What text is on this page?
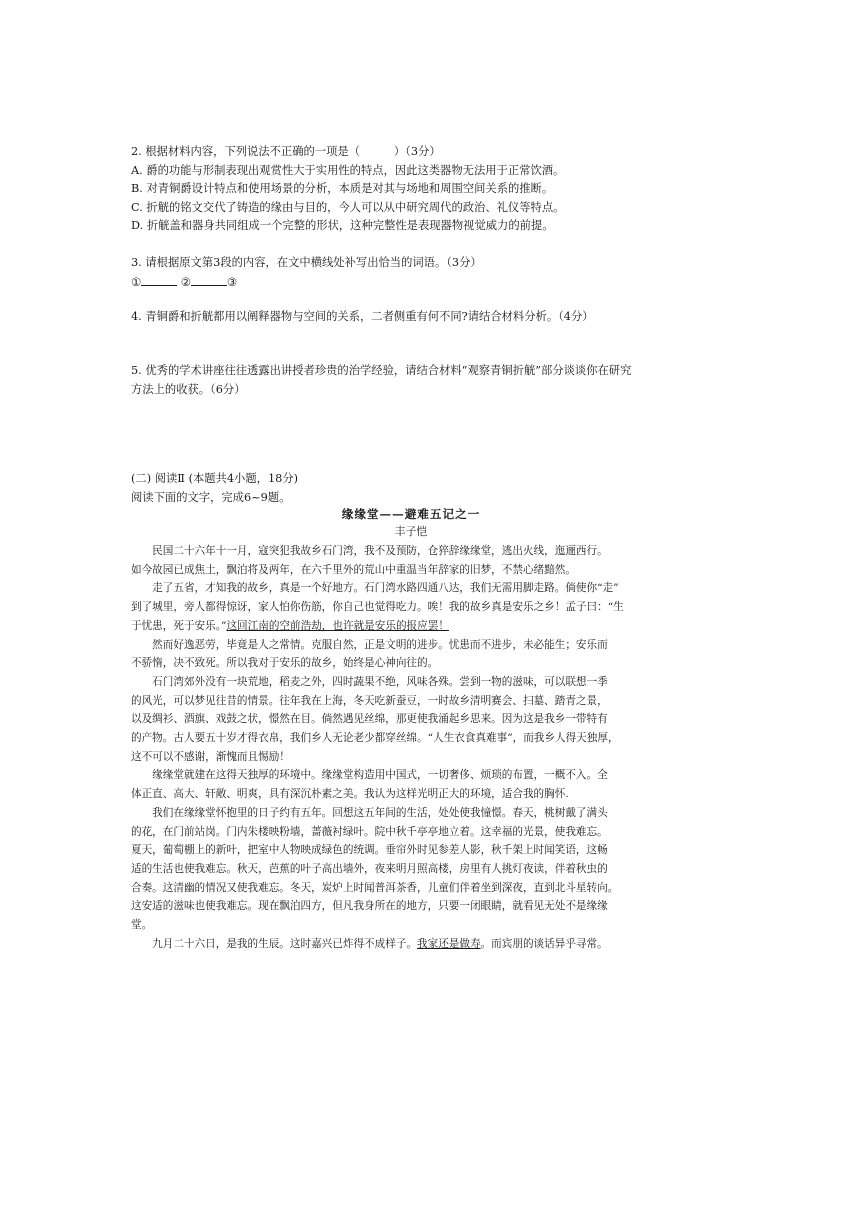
2. 根据材料内容，下列说法不正确的一项是（　　　）（3分）
A. 爵的功能与形制表现出观赏性大于实用性的特点，因此这类器物无法用于正常饮酒。
B. 对青铜爵设计特点和使用场景的分析，本质是对其与场地和周围空间关系的推断。
C. 折觥的铭文交代了铸造的缘由与目的，今人可以从中研究周代的政治、礼仪等特点。
D. 折觥盖和器身共同组成一个完整的形状，这种完整性是表现器物视觉威力的前提。
3. 请根据原文第3段的内容，在文中横线处补写出恰当的词语。（3分）
①	②	③
4. 青铜爵和折觥都用以阐释器物与空间的关系，二者侧重有何不同?请结合材料分析。（4分）
5. 优秀的学术讲座往往透露出讲授者珍贵的治学经验，请结合材料“观察青铜折觥”部分谈谈你在研究
方法上的收获。（6分）
(二) 阅读Ⅱ (本题共4小题，18分)
阅读下面的文字，完成6~9题。
缘缘堂——避难五记之一
丰子恺
　　民国二十六年十一月，寇突犯我故乡石门湾，我不及预防，仓猝辞缘缘堂，逃出火线，迤逦西行。
如今故园已成焦土，飘泊将及两年，在六千里外的荒山中重温当年辞家的旧梦，不禁心绪黯然。
　　走了五省，才知我的故乡，真是一个好地方。石门湾水路四通八达，我们无需用脚走路。倘使你“走”
到了城里，旁人都得惊讶，家人怕你伤筋，你自己也觉得吃力。唉！我的故乡真是安乐之乡！孟子曰：“生
于忧患，死于安乐。”这回江南的空前浩劫，也许就是安乐的报应罢！
　　然而好逸恶劳，毕竟是人之常情。克服自然，正是文明的进步。忧患而不进步，未必能生；安乐而
不骄惰，决不致死。所以我对于安乐的故乡，始终是心神向往的。
　　石门湾郊外没有一块荒地，稻麦之外，四时蔬果不绝，风味各殊。尝到一物的滋味，可以联想一季
的风光，可以梦见往昔的情景。往年我在上海，冬天吃新蚕豆，一时故乡清明赛会、扫墓、踏青之景，
以及绸衫、酒旗、戏鼓之状，憬然在目。倘然遇见丝绵，那更使我涌起乡思来。因为这是我乡一带特有
的产物。古人要五十岁才得衣帛，我们乡人无论老少都穿丝绵。“人生衣食真难事”，而我乡人得天独厚，
这不可以不感谢，渐愧而且惕励！
　　缘缘堂就建在这得天独厚的环境中。缘缘堂构造用中国式，一切奢侈、烦琐的布置，一概不入。全
体正直、高大、轩敞、明爽，具有深沉朴素之美。我认为这样光明正大的环境，适合我的胸怀.
　　我们在缘缘堂怀抱里的日子约有五年。回想这五年间的生活，处处使我憧憬。春天，桃树戴了满头
的花，在门前站岗。门内朱楼映粉墙，蔷薇衬绿叶。院中秋千亭亭地立着。这幸福的光景，使我难忘。
夏天，葡萄棚上的新叶，把室中人物映成绿色的统调。垂帘外时见参差人影，秋千架上时闻笑语，这畅
适的生活也使我难忘。秋天，芭蕉的叶子高出墙外，夜来明月照高楼，房里有人挑灯夜读，伴着秋虫的
合奏。这清幽的情况又使我难忘。冬天，炭炉上时闻普洱茶香，儿童们伴着坐到深夜，直到北斗星转向。
这安适的滋味也使我难忘。现在飘泊四方，但凡我身所在的地方，只要一闭眼睛，就看见无处不是缘缘
堂。
　　九月二十六日，是我的生辰。这时嘉兴已炸得不成样子。我家还是做寿。而宾朋的谈话异乎寻常。
